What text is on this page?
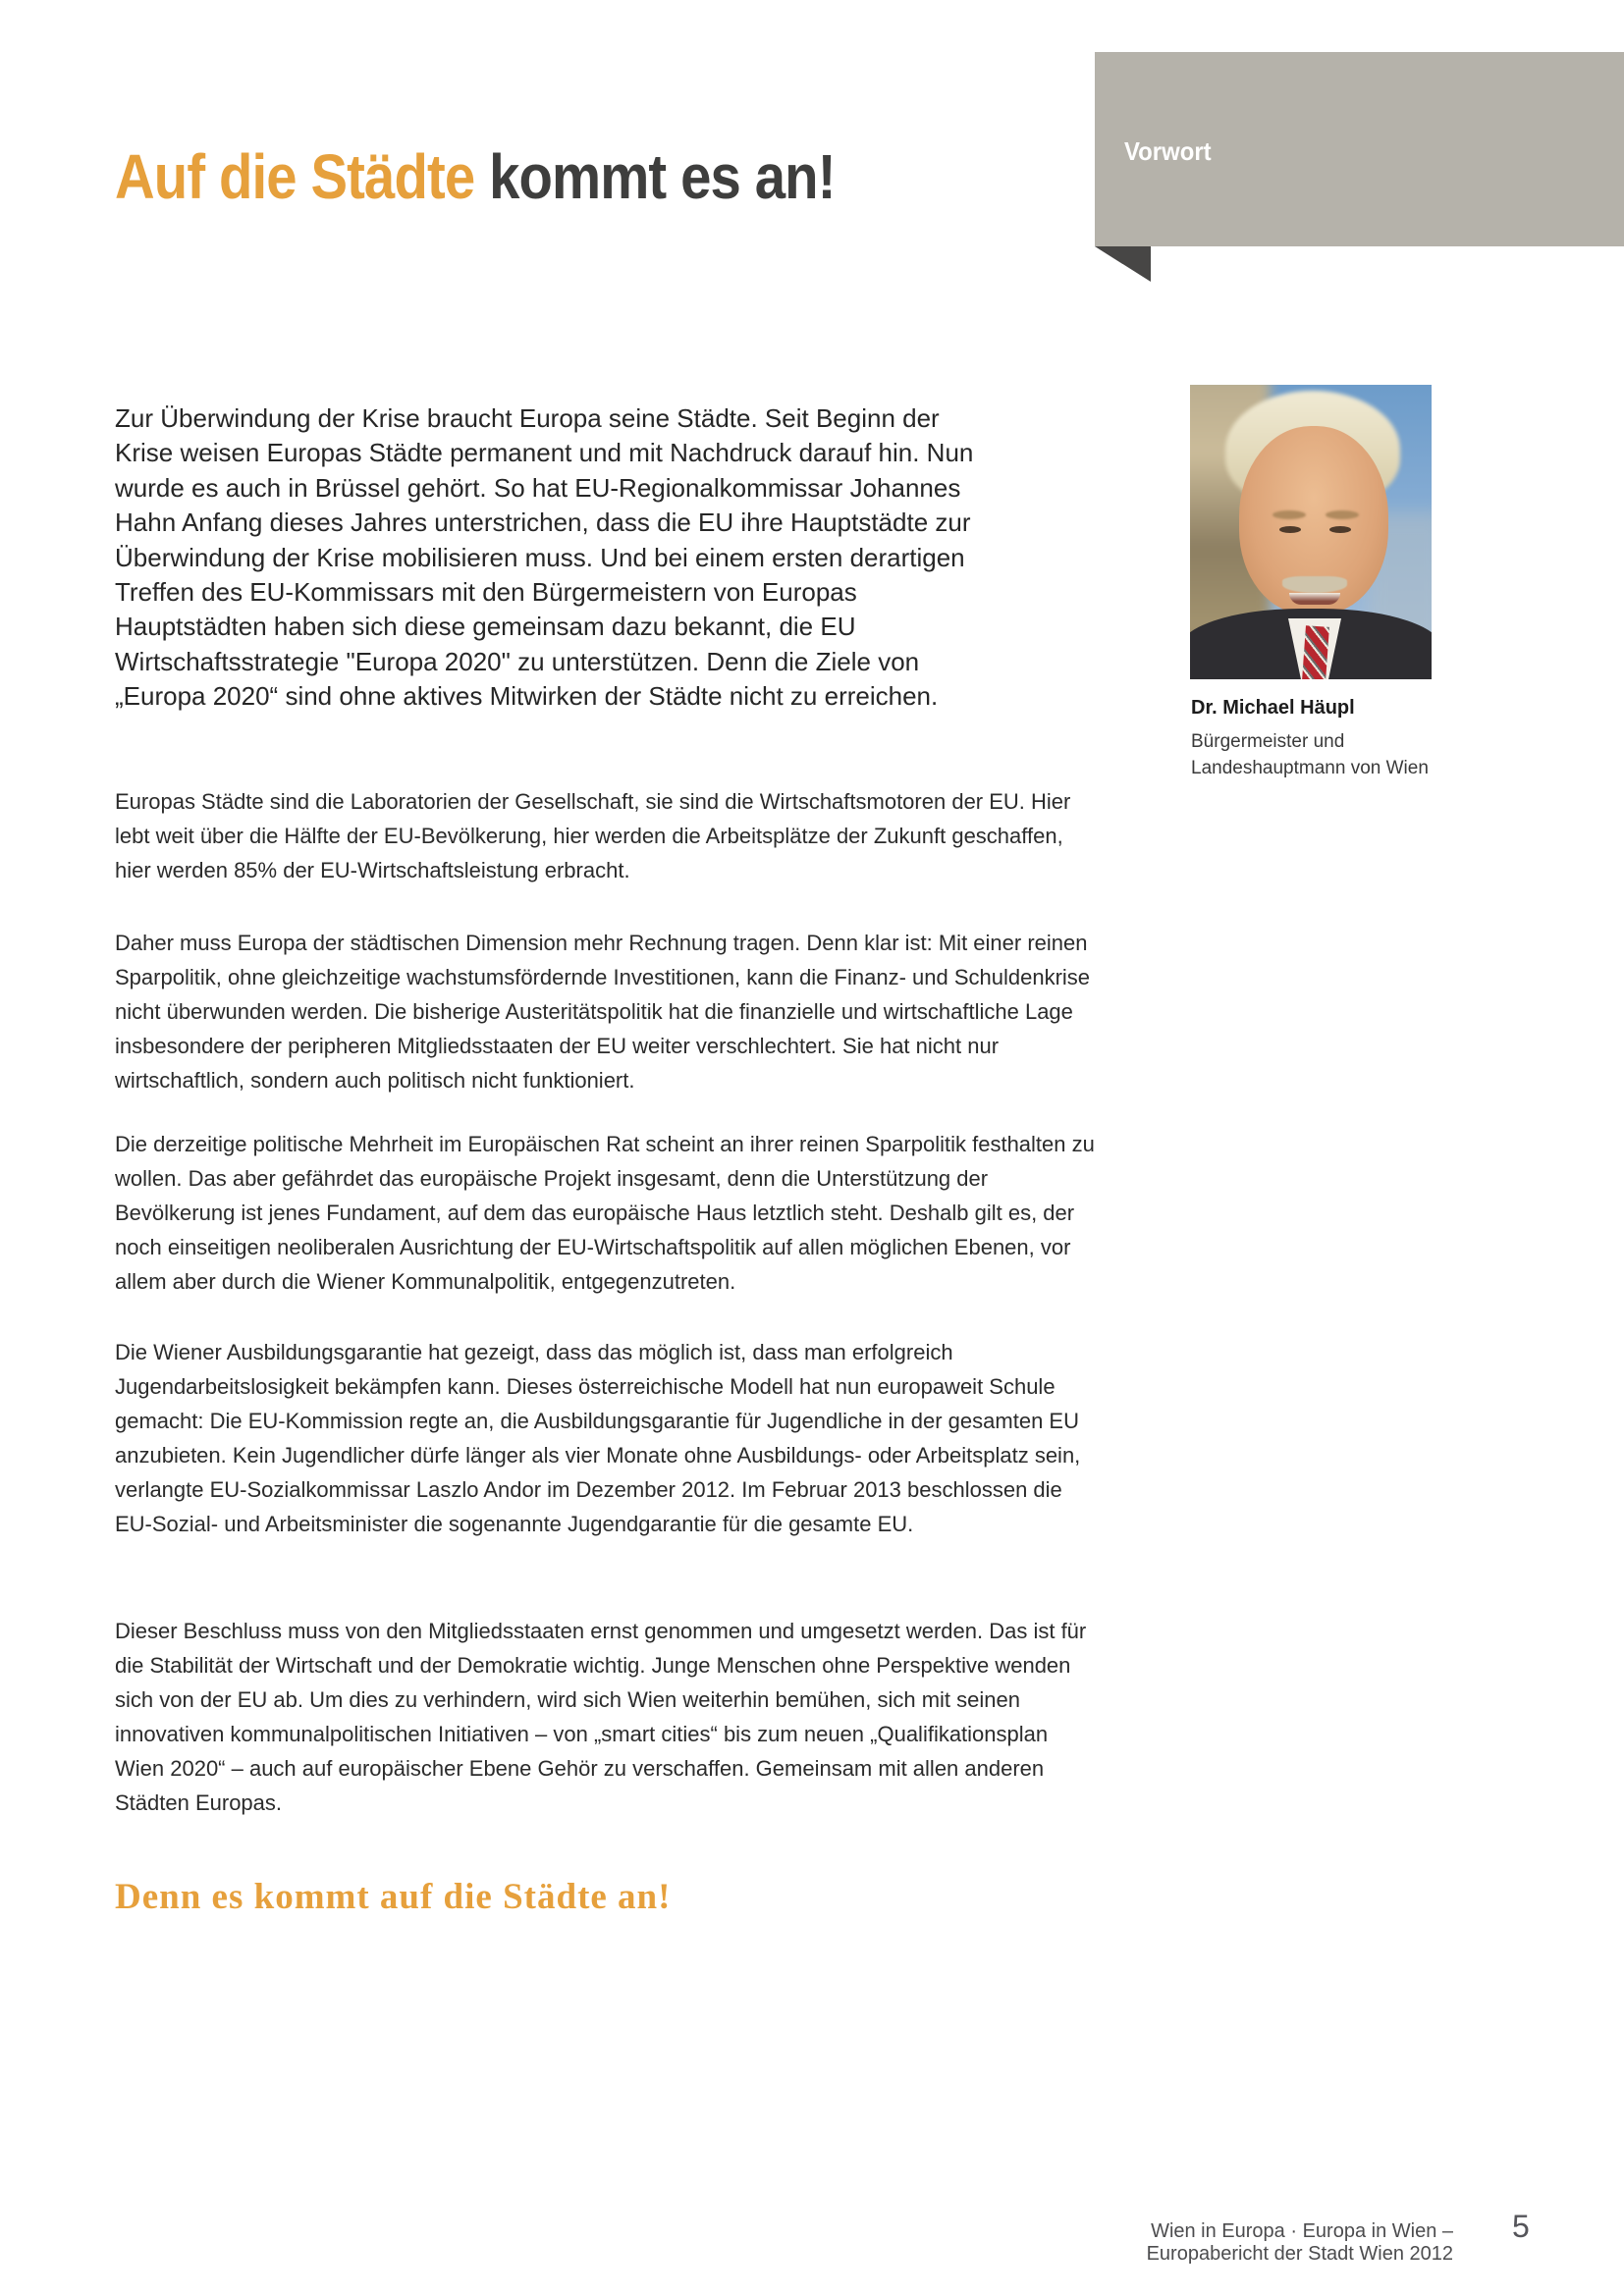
Auf die Städte kommt es an!	Vorwort

Zur Überwindung der Krise braucht Europa seine Städte. Seit Beginn der Krise weisen Europas Städte permanent und mit Nachdruck darauf hin. Nun wurde es auch in Brüssel gehört. So hat EU-Regionalkommissar Johannes Hahn Anfang dieses Jahres unterstrichen, dass die EU ihre Hauptstädte zur Überwindung der Krise mobilisieren muss. Und bei einem ersten derartigen Treffen des EU-Kommissars mit den Bürgermeistern von Europas Hauptstädten haben sich diese gemeinsam dazu bekannt, die EU Wirtschaftsstrategie "Europa 2020" zu unterstützen. Denn die Ziele von „Europa 2020“ sind ohne aktives Mitwirken der Städte nicht zu erreichen.

Europas Städte sind die Laboratorien der Gesellschaft, sie sind die Wirtschaftsmotoren der EU. Hier lebt weit über die Hälfte der EU-Bevölkerung, hier werden die Arbeitsplätze der Zukunft geschaffen, hier werden 85% der EU-Wirtschaftsleistung erbracht.

Daher muss Europa der städtischen Dimension mehr Rechnung tragen. Denn klar ist: Mit einer reinen Sparpolitik, ohne gleichzeitige wachstumsfördernde Investitionen, kann die Finanz- und Schuldenkrise nicht überwunden werden. Die bisherige Austeritätspolitik hat die finanzielle und wirtschaftliche Lage insbesondere der peripheren Mitgliedsstaaten der EU weiter verschlechtert. Sie hat nicht nur wirtschaftlich, sondern auch politisch nicht funktioniert.

Die derzeitige politische Mehrheit im Europäischen Rat scheint an ihrer reinen Sparpolitik festhalten zu wollen. Das aber gefährdet das europäische Projekt insgesamt, denn die Unterstützung der Bevölkerung ist jenes Fundament, auf dem das europäische Haus letztlich steht. Deshalb gilt es, der noch einseitigen neoliberalen Ausrichtung der EU-Wirtschaftspolitik auf allen möglichen Ebenen, vor allem aber durch die Wiener Kommunalpolitik, entgegenzutreten.

Die Wiener Ausbildungsgarantie hat gezeigt, dass das möglich ist, dass man erfolgreich Jugendarbeitslosigkeit bekämpfen kann. Dieses österreichische Modell hat nun europaweit Schule gemacht: Die EU-Kommission regte an, die Ausbildungsgarantie für Jugendliche in der gesamten EU anzubieten. Kein Jugendlicher dürfe länger als vier Monate ohne Ausbildungs- oder Arbeitsplatz sein, verlangte EU-Sozialkommissar Laszlo Andor im Dezember 2012. Im Februar 2013 beschlossen die EU-Sozial- und Arbeitsminister die sogenannte Jugendgarantie für die gesamte EU.

Dieser Beschluss muss von den Mitgliedsstaaten ernst genommen und umgesetzt werden. Das ist für die Stabilität der Wirtschaft und der Demokratie wichtig. Junge Menschen ohne Perspektive wenden sich von der EU ab. Um dies zu verhindern, wird sich Wien weiterhin bemühen, sich mit seinen innovativen kommunalpolitischen Initiativen – von „smart cities“ bis zum neuen „Qualifikationsplan Wien 2020“ – auch auf europäischer Ebene Gehör zu verschaffen. Gemeinsam mit allen anderen Städten Europas.

Denn es kommt auf die Städte an!
Dr. Michael Häupl
Bürgermeister und
Landeshauptmann von Wien
Wien in Europa · Europa in Wien – Europabericht der Stadt Wien 2012
5
